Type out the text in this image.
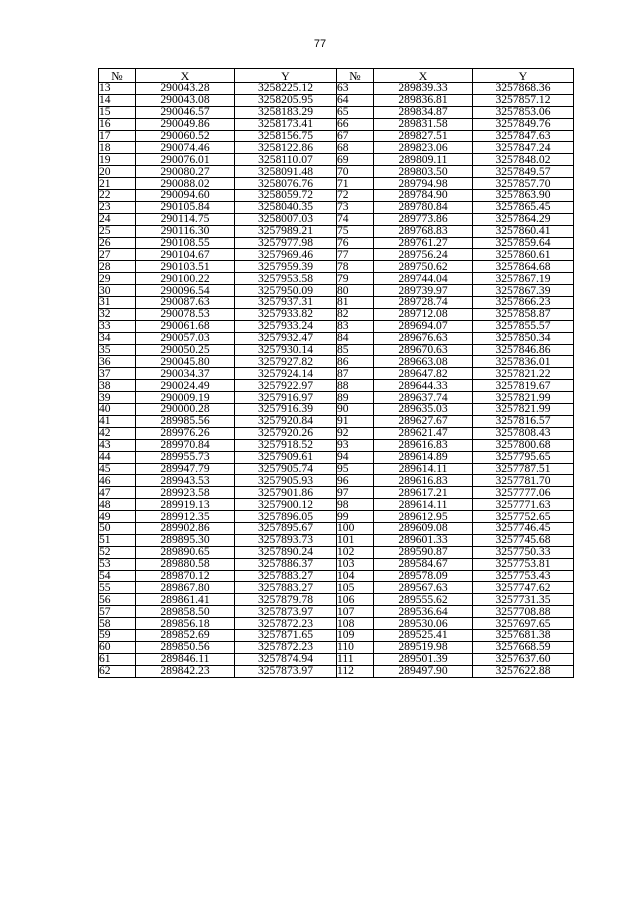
77
№	X	Y	№	X	Y
13	290043.28	3258225.12	63	289839.33	3257868.36
14	290043.08	3258205.95	64	289836.81	3257857.12
15	290046.57	3258183.29	65	289834.87	3257853.06
16	290049.86	3258173.41	66	289831.58	3257849.76
17	290060.52	3258156.75	67	289827.51	3257847.63
18	290074.46	3258122.86	68	289823.06	3257847.24
19	290076.01	3258110.07	69	289809.11	3257848.02
20	290080.27	3258091.48	70	289803.50	3257849.57
21	290088.02	3258076.76	71	289794.98	3257857.70
22	290094.60	3258059.72	72	289784.90	3257863.90
23	290105.84	3258040.35	73	289780.84	3257865.45
24	290114.75	3258007.03	74	289773.86	3257864.29
25	290116.30	3257989.21	75	289768.83	3257860.41
26	290108.55	3257977.98	76	289761.27	3257859.64
27	290104.67	3257969.46	77	289756.24	3257860.61
28	290103.51	3257959.39	78	289750.62	3257864.68
29	290100.22	3257953.58	79	289744.04	3257867.19
30	290096.54	3257950.09	80	289739.97	3257867.39
31	290087.63	3257937.31	81	289728.74	3257866.23
32	290078.53	3257933.82	82	289712.08	3257858.87
33	290061.68	3257933.24	83	289694.07	3257855.57
34	290057.03	3257932.47	84	289676.63	3257850.34
35	290050.25	3257930.14	85	289670.63	3257846.86
36	290045.80	3257927.82	86	289663.08	3257836.01
37	290034.37	3257924.14	87	289647.82	3257821.22
38	290024.49	3257922.97	88	289644.33	3257819.67
39	290009.19	3257916.97	89	289637.74	3257821.99
40	290000.28	3257916.39	90	289635.03	3257821.99
41	289985.56	3257920.84	91	289627.67	3257816.57
42	289976.26	3257920.26	92	289621.47	3257808.43
43	289970.84	3257918.52	93	289616.83	3257800.68
44	289955.73	3257909.61	94	289614.89	3257795.65
45	289947.79	3257905.74	95	289614.11	3257787.51
46	289943.53	3257905.93	96	289616.83	3257781.70
47	289923.58	3257901.86	97	289617.21	3257777.06
48	289919.13	3257900.12	98	289614.11	3257771.63
49	289912.35	3257896.05	99	289612.95	3257752.65
50	289902.86	3257895.67	100	289609.08	3257746.45
51	289895.30	3257893.73	101	289601.33	3257745.68
52	289890.65	3257890.24	102	289590.87	3257750.33
53	289880.58	3257886.37	103	289584.67	3257753.81
54	289870.12	3257883.27	104	289578.09	3257753.43
55	289867.80	3257883.27	105	289567.63	3257747.62
56	289861.41	3257879.78	106	289555.62	3257731.35
57	289858.50	3257873.97	107	289536.64	3257708.88
58	289856.18	3257872.23	108	289530.06	3257697.65
59	289852.69	3257871.65	109	289525.41	3257681.38
60	289850.56	3257872.23	110	289519.98	3257668.59
61	289846.11	3257874.94	111	289501.39	3257637.60
62	289842.23	3257873.97	112	289497.90	3257622.88
